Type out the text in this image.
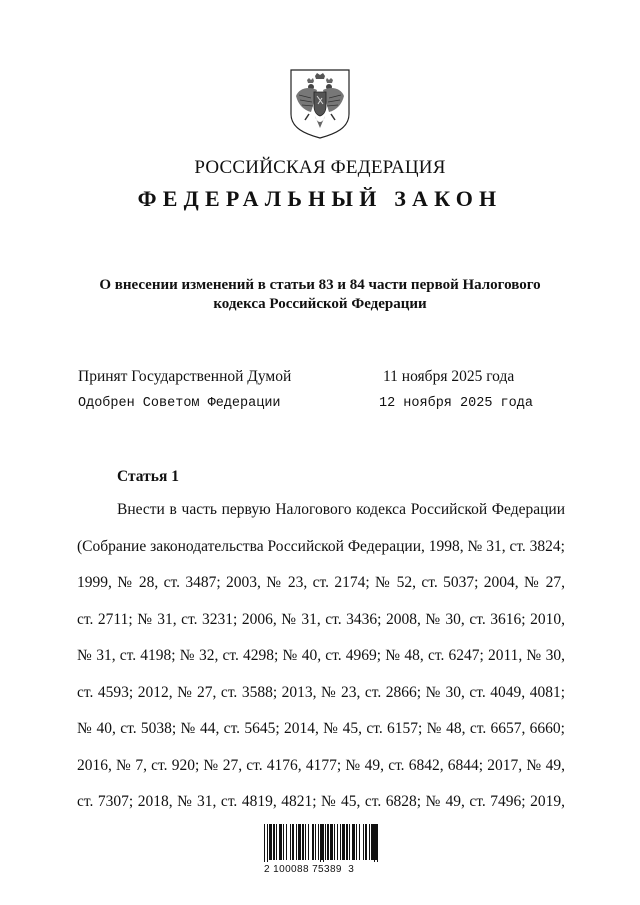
РОССИЙСКАЯ ФЕДЕРАЦИЯ
ФЕДЕРАЛЬНЫЙ ЗАКОН
О внесении изменений в статьи 83 и 84 части первой Налогового
кодекса Российской Федерации
Принят Государственной Думой	11 ноября 2025 года
Одобрен Советом Федерации	12 ноября 2025 года
Статья 1
Внести в часть первую Налогового кодекса Российской Федерации
(Собрание законодательства Российской Федерации, 1998, № 31, ст. 3824;
1999, № 28, ст. 3487; 2003, № 23, ст. 2174; № 52, ст. 5037; 2004, № 27,
ст. 2711; № 31, ст. 3231; 2006, № 31, ст. 3436; 2008, № 30, ст. 3616; 2010,
№ 31, ст. 4198; № 32, ст. 4298; № 40, ст. 4969; № 48, ст. 6247; 2011, № 30,
ст. 4593; 2012, № 27, ст. 3588; 2013, № 23, ст. 2866; № 30, ст. 4049, 4081;
№ 40, ст. 5038; № 44, ст. 5645; 2014, № 45, ст. 6157; № 48, ст. 6657, 6660;
2016, № 7, ст. 920; № 27, ст. 4176, 4177; № 49, ст. 6842, 6844; 2017, № 49,
ст. 7307; 2018, № 31, ст. 4819, 4821; № 45, ст. 6828; № 49, ст. 7496; 2019,
2 100088 75389  3
